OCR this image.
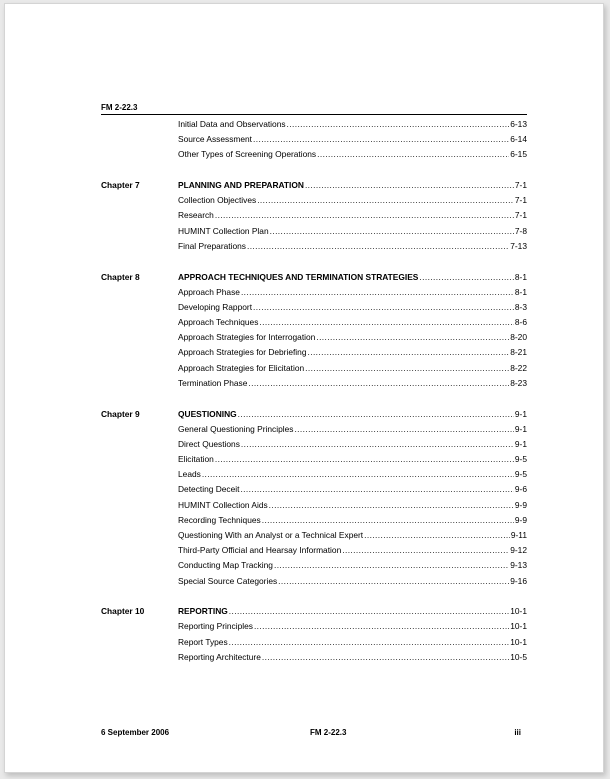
FM 2-22.3
Initial Data and Observations .....	6-13
Source Assessment .....	6-14
Other Types of Screening Operations .....	6-15
Chapter 7	PLANNING AND PREPARATION .....	7-1
Collection Objectives .....	7-1
Research .....	7-1
HUMINT Collection Plan .....	7-8
Final Preparations .....	7-13
Chapter 8	APPROACH TECHNIQUES AND TERMINATION STRATEGIES .....	8-1
Approach Phase .....	8-1
Developing Rapport .....	8-3
Approach Techniques .....	8-6
Approach Strategies for Interrogation .....	8-20
Approach Strategies for Debriefing .....	8-21
Approach Strategies for Elicitation .....	8-22
Termination Phase .....	8-23
Chapter 9	QUESTIONING .....	9-1
General Questioning Principles .....	9-1
Direct Questions .....	9-1
Elicitation .....	9-5
Leads .....	9-5
Detecting Deceit .....	9-6
HUMINT Collection Aids .....	9-9
Recording Techniques .....	9-9
Questioning With an Analyst or a Technical Expert .....	9-11
Third-Party Official and Hearsay Information .....	9-12
Conducting Map Tracking .....	9-13
Special Source Categories .....	9-16
Chapter 10	REPORTING .....	10-1
Reporting Principles .....	10-1
Report Types .....	10-1
Reporting Architecture .....	10-5
6 September 2006	FM 2-22.3	iii
